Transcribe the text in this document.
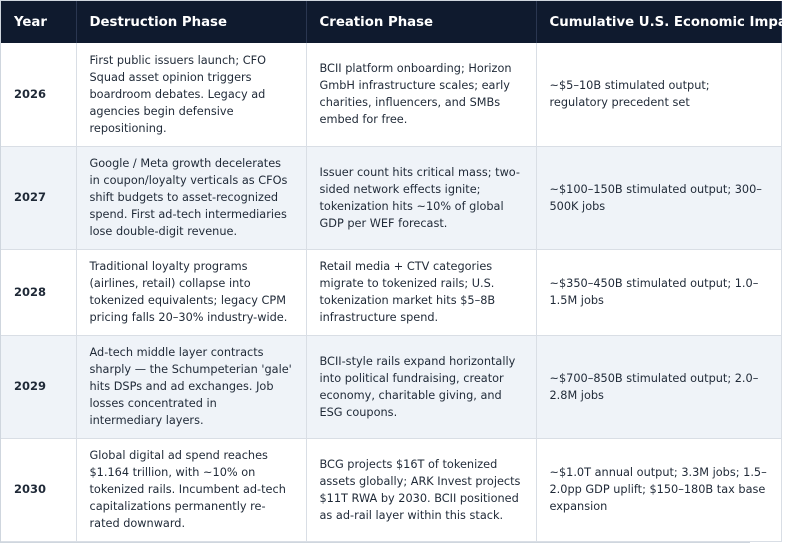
Year	Destruction Phase	Creation Phase	Cumulative U.S. Economic Impact
2026	First public issuers launch; CFO Squad asset opinion triggers boardroom debates. Legacy ad agencies begin defensive repositioning.	BCII platform onboarding; Horizon GmbH infrastructure scales; early charities, influencers, and SMBs embed for free.	~$5–10B stimulated output; regulatory precedent set
2027	Google / Meta growth decelerates in coupon/loyalty verticals as CFOs shift budgets to asset-recognized spend. First ad-tech intermediaries lose double-digit revenue.	Issuer count hits critical mass; two-sided network effects ignite; tokenization hits ~10% of global GDP per WEF forecast.	~$100–150B stimulated output; 300–500K jobs
2028	Traditional loyalty programs (airlines, retail) collapse into tokenized equivalents; legacy CPM pricing falls 20–30% industry-wide.	Retail media + CTV categories migrate to tokenized rails; U.S. tokenization market hits $5–8B infrastructure spend.	~$350–450B stimulated output; 1.0–1.5M jobs
2029	Ad-tech middle layer contracts sharply — the Schumpeterian 'gale' hits DSPs and ad exchanges. Job losses concentrated in intermediary layers.	BCII-style rails expand horizontally into political fundraising, creator economy, charitable giving, and ESG coupons.	~$700–850B stimulated output; 2.0–2.8M jobs
2030	Global digital ad spend reaches $1.164 trillion, with ~10% on tokenized rails. Incumbent ad-tech capitalizations permanently re-rated downward.	BCG projects $16T of tokenized assets globally; ARK Invest projects $11T RWA by 2030. BCII positioned as ad-rail layer within this stack.	~$1.0T annual output; 3.3M jobs; 1.5–2.0pp GDP uplift; $150–180B tax base expansion
